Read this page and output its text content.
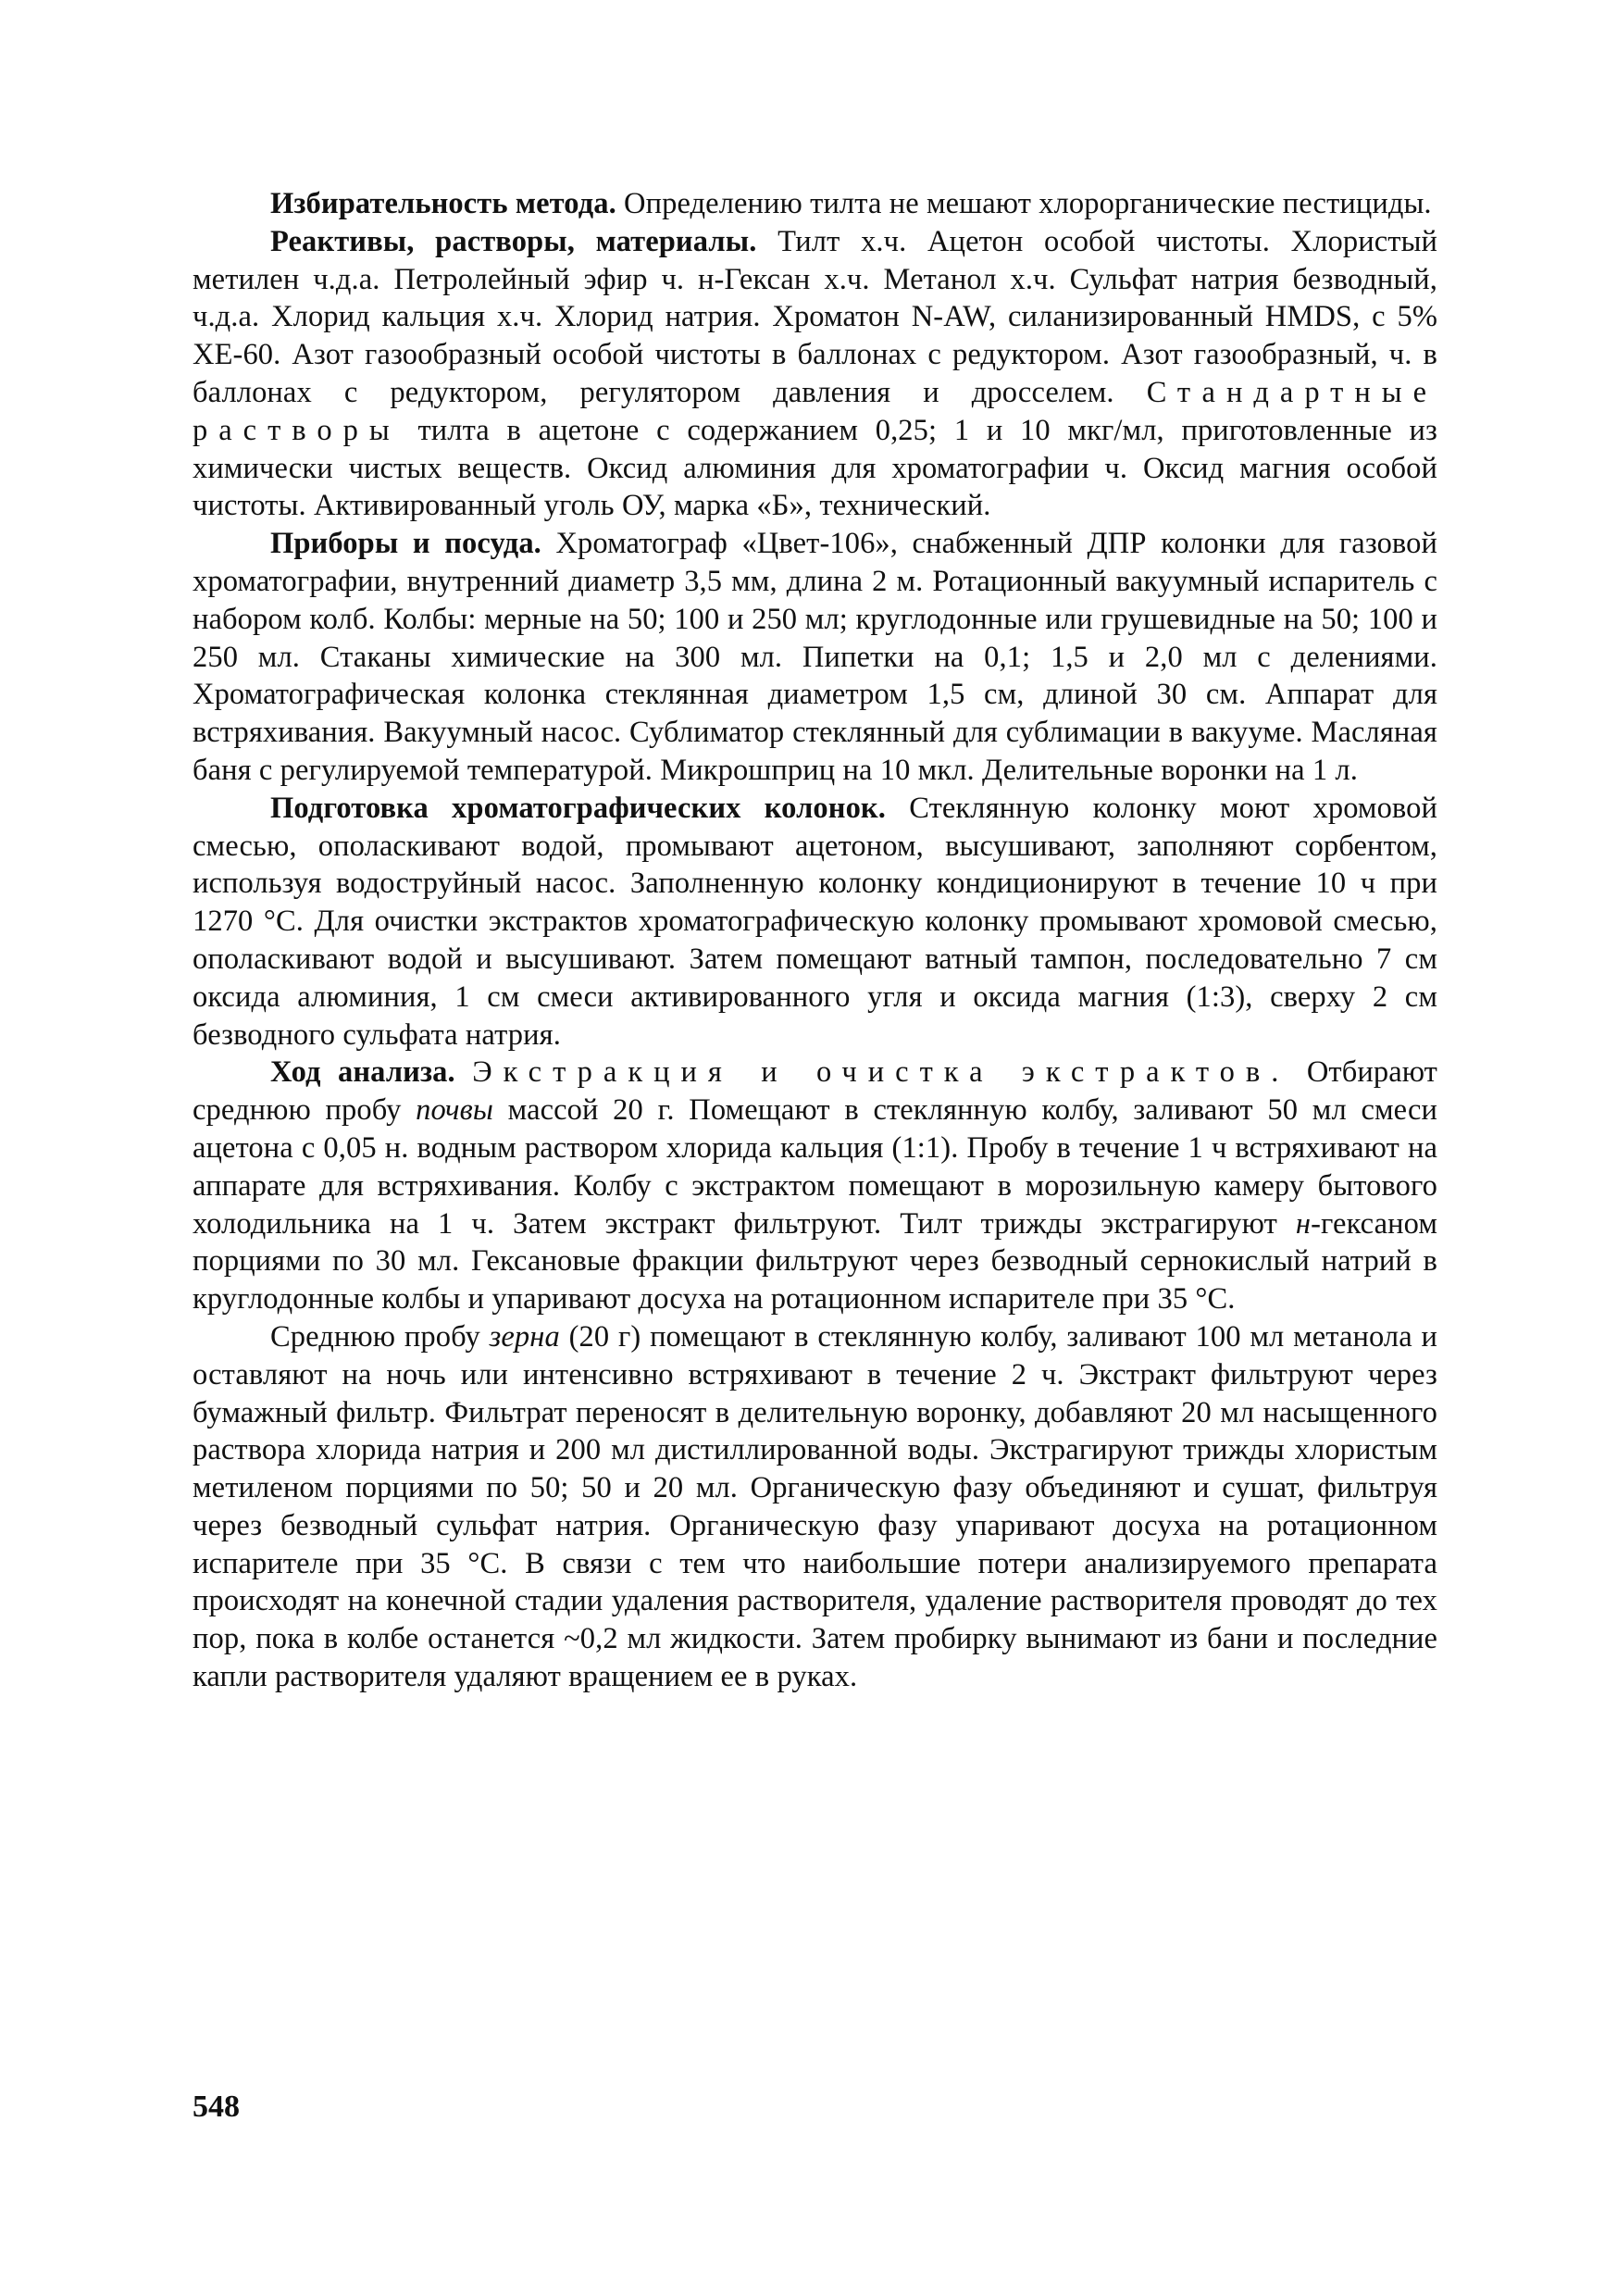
Избирательность метода. Определению тилта не мешают хлорорганические пестициды.

Реактивы, растворы, материалы. Тилт х.ч. Ацетон особой чистоты. Хлористый метилен ч.д.а. Петролейный эфир ч. н-Гексан х.ч. Метанол х.ч. Сульфат натрия безводный, ч.д.а. Хлорид кальция х.ч. Хлорид натрия. Хроматон N-AW, силанизированный HMDS, с 5% XE-60. Азот газообразный особой чистоты в баллонах с редуктором. Азот газообразный, ч. в баллонах с редуктором, регулятором давления и дросселем. Стандартные растворы тилта в ацетоне с содержанием 0,25; 1 и 10 мкг/мл, приготовленные из химически чистых веществ. Оксид алюминия для хроматографии ч. Оксид магния особой чистоты. Активированный уголь ОУ, марка «Б», технический.

Приборы и посуда. Хроматограф «Цвет-106», снабженный ДПР колонки для газовой хроматографии, внутренний диаметр 3,5 мм, длина 2 м. Ротационный вакуумный испаритель с набором колб. Колбы: мерные на 50; 100 и 250 мл; круглодонные или грушевидные на 50; 100 и 250 мл. Стаканы химические на 300 мл. Пипетки на 0,1; 1,5 и 2,0 мл с делениями. Хроматографическая колонка стеклянная диаметром 1,5 см, длиной 30 см. Аппарат для встряхивания. Вакуумный насос. Сублиматор стеклянный для сублимации в вакууме. Масляная баня с регулируемой температурой. Микрошприц на 10 мкл. Делительные воронки на 1 л.

Подготовка хроматографических колонок. Стеклянную колонку моют хромовой смесью, ополаскивают водой, промывают ацетоном, высушивают, заполняют сорбентом, используя водоструйный насос. Заполненную колонку кондиционируют в течение 10 ч при 1270 °С. Для очистки экстрактов хроматографическую колонку промывают хромовой смесью, ополаскивают водой и высушивают. Затем помещают ватный тампон, последовательно 7 см оксида алюминия, 1 см смеси активированного угля и оксида магния (1:3), сверху 2 см безводного сульфата натрия.

Ход анализа. Экстракция и очистка экстрактов. Отбирают среднюю пробу почвы массой 20 г. Помещают в стеклянную колбу, заливают 50 мл смеси ацетона с 0,05 н. водным раствором хлорида кальция (1:1). Пробу в течение 1 ч встряхивают на аппарате для встряхивания. Колбу с экстрактом помещают в морозильную камеру бытового холодильника на 1 ч. Затем экстракт фильтруют. Тилт трижды экстрагируют н-гексаном порциями по 30 мл. Гексановые фракции фильтруют через безводный сернокислый натрий в круглодонные колбы и упаривают досуха на ротационном испарителе при 35 °С.

Среднюю пробу зерна (20 г) помещают в стеклянную колбу, заливают 100 мл метанола и оставляют на ночь или интенсивно встряхивают в течение 2 ч. Экстракт фильтруют через бумажный фильтр. Фильтрат переносят в делительную воронку, добавляют 20 мл насыщенного раствора хлорида натрия и 200 мл дистиллированной воды. Экстрагируют трижды хлористым метиленом порциями по 50; 50 и 20 мл. Органическую фазу объединяют и сушат, фильтруя через безводный сульфат натрия. Органическую фазу упаривают досуха на ротационном испарителе при 35 °С. В связи с тем что наибольшие потери анализируемого препарата происходят на конечной стадии удаления растворителя, удаление растворителя проводят до тех пор, пока в колбе останется ~0,2 мл жидкости. Затем пробирку вынимают из бани и последние капли растворителя удаляют вращением ее в руках.

548
